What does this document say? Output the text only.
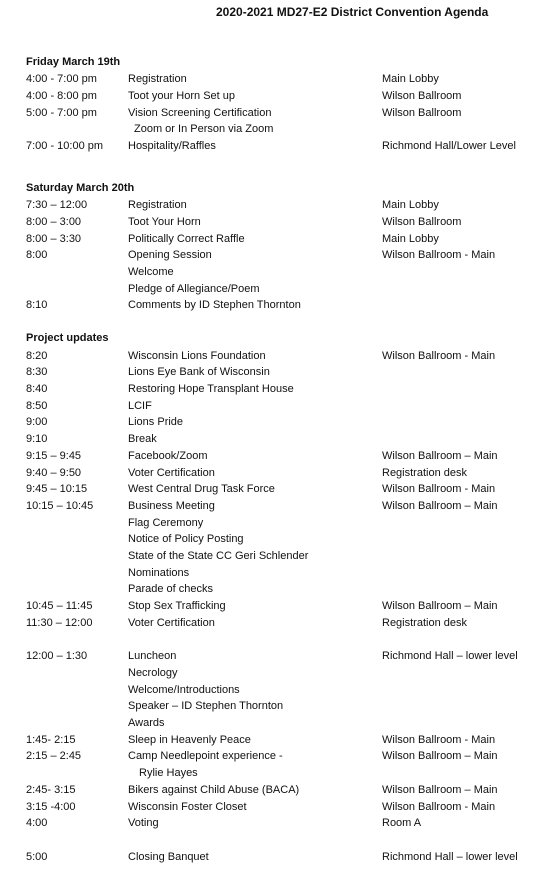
2020-2021 MD27-E2 District Convention Agenda
Friday March 19th
4:00 - 7:00 pm	Registration	Main Lobby
4:00 - 8:00 pm	Toot your Horn Set up	Wilson Ballroom
5:00 - 7:00 pm	Vision Screening Certification	Wilson Ballroom
Zoom or In Person via Zoom
7:00 - 10:00 pm Hospitality/Raffles	Richmond Hall/Lower Level
Saturday March 20th
7:30 – 12:00	Registration	Main Lobby
8:00 – 3:00	Toot Your Horn	Wilson Ballroom
8:00 – 3:30	Politically Correct Raffle	Main Lobby
8:00	Opening Session	Wilson Ballroom - Main
Welcome
Pledge of Allegiance/Poem
8:10	Comments by ID Stephen Thornton
Project updates
8:20	Wisconsin Lions Foundation	Wilson Ballroom - Main
8:30	Lions Eye Bank of Wisconsin
8:40	Restoring Hope Transplant House
8:50	LCIF
9:00	Lions Pride
9:10	Break
9:15 – 9:45	Facebook/Zoom	Wilson Ballroom – Main
9:40 – 9:50	Voter Certification	Registration desk
9:45 – 10:15	West Central Drug Task Force	Wilson Ballroom - Main
10:15 – 10:45	Business Meeting	Wilson Ballroom – Main
Flag Ceremony
Notice of Policy Posting
State of the State CC Geri Schlender
Nominations
Parade of checks
10:45 – 11:45	Stop Sex Trafficking	Wilson Ballroom – Main
11:30 – 12:00	Voter Certification	Registration desk
12:00 – 1:30	Luncheon	Richmond Hall – lower level
Necrology
Welcome/Introductions
Speaker – ID Stephen Thornton
Awards
1:45- 2:15	Sleep in Heavenly Peace	Wilson Ballroom - Main
2:15 – 2:45	Camp Needlepoint experience -	Wilson Ballroom – Main
Rylie Hayes
2:45- 3:15	Bikers against Child Abuse (BACA)	Wilson Ballroom – Main
3:15 -4:00	Wisconsin Foster Closet	Wilson Ballroom - Main
4:00	Voting	Room A
5:00	Closing Banquet	Richmond Hall – lower level
